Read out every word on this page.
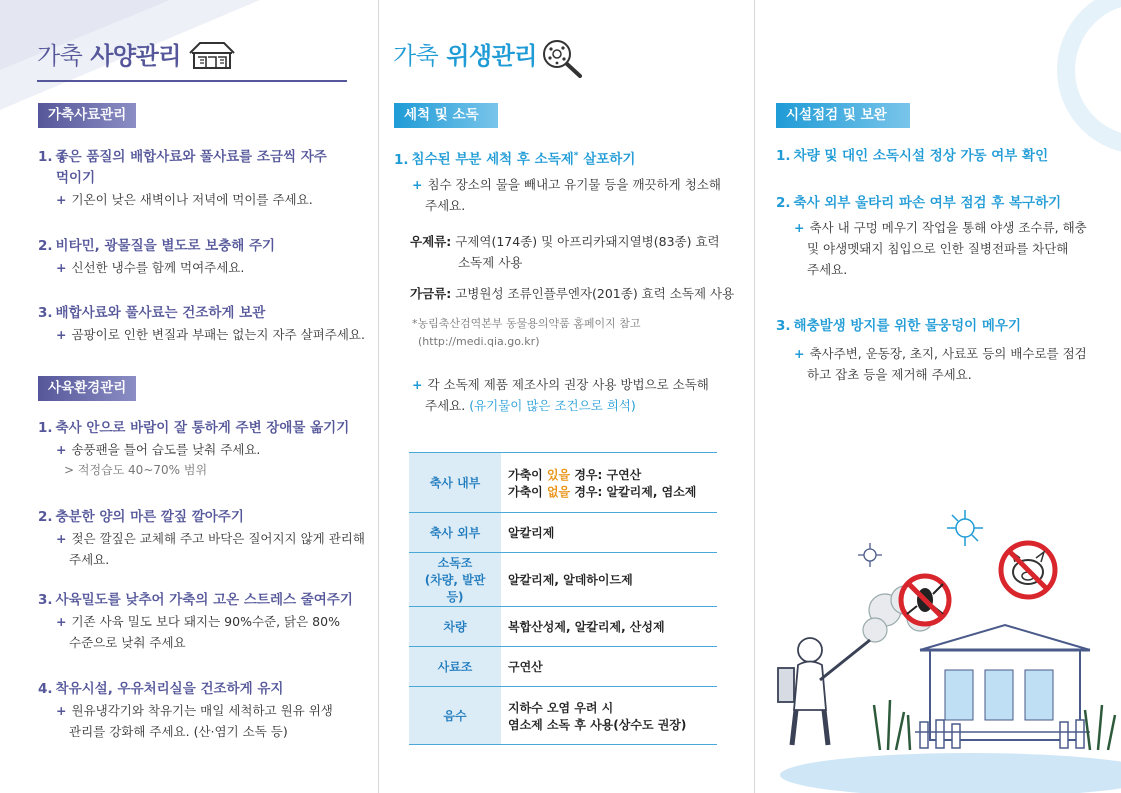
가축 사양관리
가축사료관리
1. 좋은 품질의 배합사료와 풀사료를 조금씩 자주
먹이기
+ 기온이 낮은 새벽이나 저녁에 먹이를 주세요.
2. 비타민, 광물질을 별도로 보충해 주기
+ 신선한 냉수를 함께 먹여주세요.
3. 배합사료와 풀사료는 건조하게 보관
+ 곰팡이로 인한 변질과 부패는 없는지 자주 살펴주세요.
사육환경관리
1. 축사 안으로 바람이 잘 통하게 주변 장애물 옮기기
+ 송풍팬을 틀어 습도를 낮춰 주세요.
> 적정습도 40~70% 범위
2. 충분한 양의 마른 깔짚 깔아주기
+ 젖은 깔짚은 교체해 주고 바닥은 질어지지 않게 관리해
주세요.
3. 사육밀도를 낮추어 가축의 고온 스트레스 줄여주기
+ 기존 사육 밀도 보다 돼지는 90%수준, 닭은 80%
수준으로 낮춰 주세요
4. 착유시설, 우유처리실을 건조하게 유지
+ 원유냉각기와 착유기는 매일 세척하고 원유 위생
관리를 강화해 주세요. (산·염기 소독 등)
가축 위생관리
세척 및 소독
1. 침수된 부분 세척 후 소독제* 살포하기
+ 침수 장소의 물을 빼내고 유기물 등을 깨끗하게 청소해
주세요.
우제류: 구제역(174종) 및 아프리카돼지열병(83종) 효력
소독제 사용
가금류: 고병원성 조류인플루엔자(201종) 효력 소독제 사용
*농림축산검역본부 동물용의약품 홈페이지 참고
(http://medi.qia.go.kr)
+ 각 소독제 제품 제조사의 권장 사용 방법으로 소독해
주세요. (유기물이 많은 조건으로 희석)
축사 내부	가축이 있을 경우: 구연산
가축이 없을 경우: 알칼리제, 염소제

축사 외부	알칼리제

소독조
(차량, 발판 등)	알칼리제, 알데하이드제
차량	복합산성제, 알칼리제, 산성제
사료조	구연산
음수	지하수 오염 우려 시
염소제 소독 후 사용(상수도 권장)
시설점검 및 보완
1. 차량 및 대인 소독시설 정상 가동 여부 확인
2. 축사 외부 울타리 파손 여부 점검 후 복구하기
+ 축사 내 구멍 메우기 작업을 통해 야생 조수류, 해충
및 야생멧돼지 침입으로 인한 질병전파를 차단해
주세요.
3. 해충발생 방지를 위한 물웅덩이 메우기
+ 축사주변, 운동장, 초지, 사료포 등의 배수로를 점검
하고 잡초 등을 제거해 주세요.
